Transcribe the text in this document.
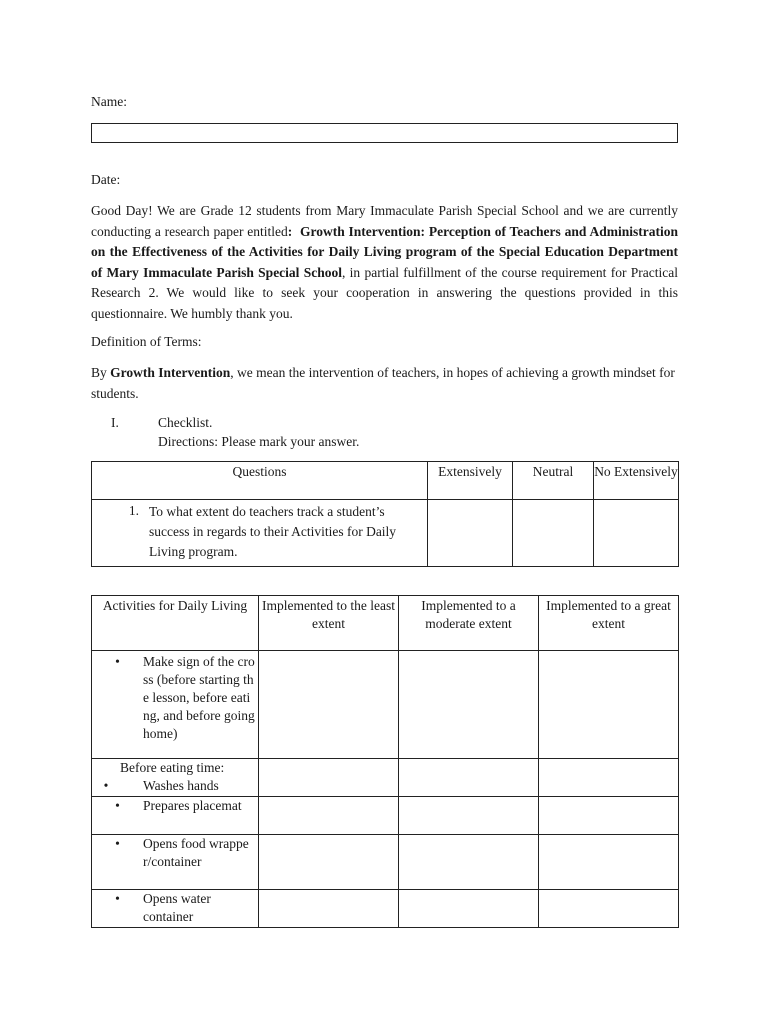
Name:
Date:
Good Day! We are Grade 12 students from Mary Immaculate Parish Special School and we are currently conducting a research paper entitled: Growth Intervention: Perception of Teachers and Administration on the Effectiveness of the Activities for Daily Living program of the Special Education Department of Mary Immaculate Parish Special School, in partial fulfillment of the course requirement for Practical Research 2. We would like to seek your cooperation in answering the questions provided in this questionnaire. We humbly thank you.
Definition of Terms:
By Growth Intervention, we mean the intervention of teachers, in hopes of achieving a growth mindset for students.
I.	Checklist.
Directions: Please mark your answer.
Questions	Extensively	Neutral	No Extensively

1. To what extent do teachers track a student’s success in regards to their Activities for Daily Living program.			

Activities for Daily Living	Implemented to the least extent	Implemented to a moderate extent	Implemented to a great extent

• Make sign of the cross (before starting the lesson, before eating, and before going home)			

Before eating time:
• Washes hands			

• Prepares placemat			

• Opens food wrapper/container			

• Opens water container			
